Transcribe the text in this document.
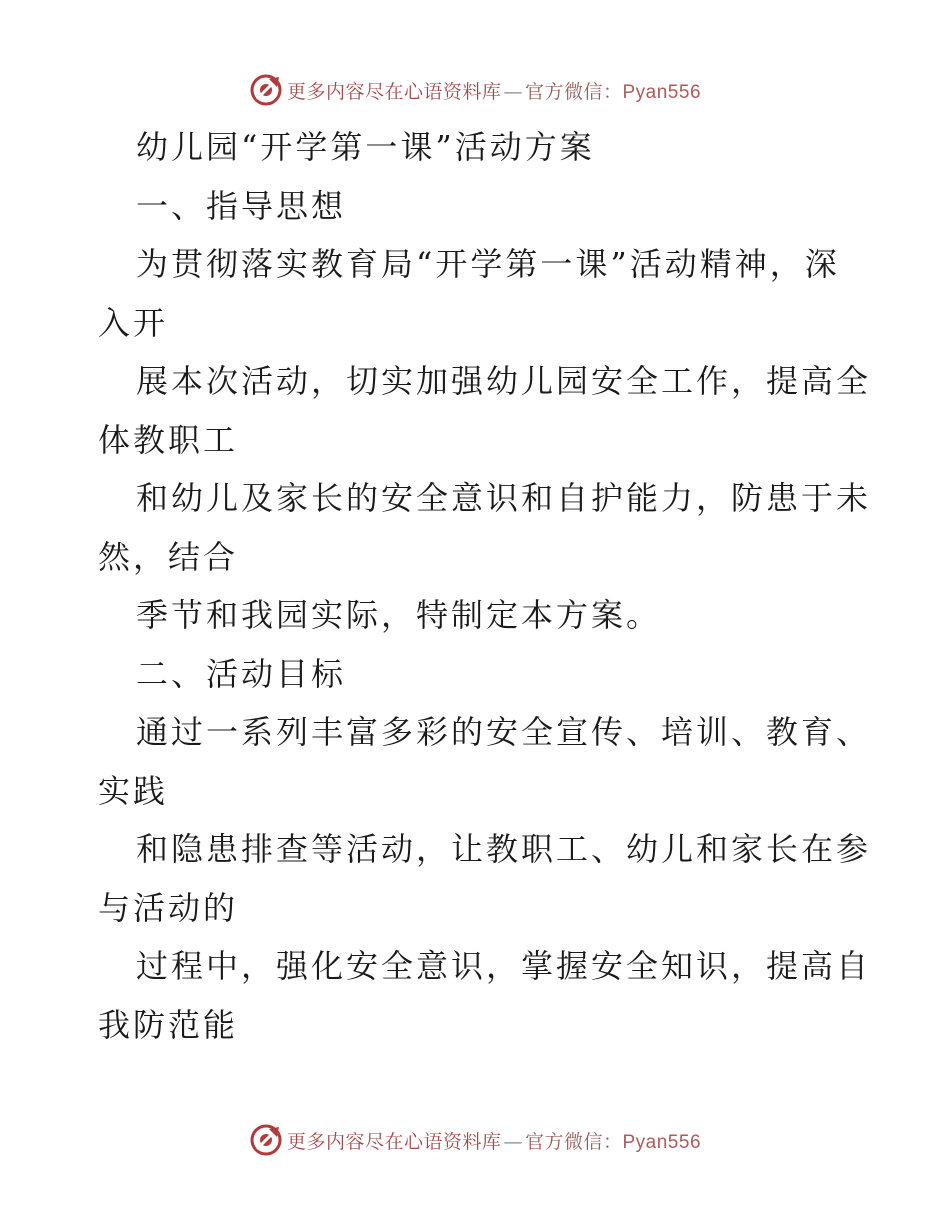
更多内容尽在心语资料库 — 官方微信：Pyan556
幼儿园“开学第一课”活动方案
一、指导思想
为贯彻落实教育局“开学第一课”活动精神，深
入开
展本次活动，切实加强幼儿园安全工作，提高全
体教职工
和幼儿及家长的安全意识和自护能力，防患于未
然，结合
季节和我园实际，特制定本方案。
二、活动目标
通过一系列丰富多彩的安全宣传、培训、教育、
实践
和隐患排查等活动，让教职工、幼儿和家长在参
与活动的
过程中，强化安全意识，掌握安全知识，提高自
我防范能
更多内容尽在心语资料库 — 官方微信：Pyan556
